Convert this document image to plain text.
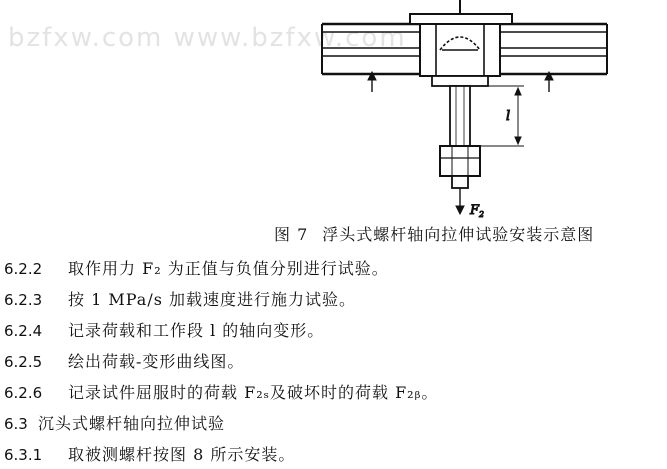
bzfxw.com www.bzfxw.com
l
$F_2$
图 7 浮头式螺杆轴向拉伸试验安装示意图
6.2.2 取作用力 F₂ 为正值与负值分别进行试验。
6.2.3 按 1 MPa/s 加载速度进行施力试验。
6.2.4 记录荷载和工作段 l 的轴向变形。
6.2.5 绘出荷载-变形曲线图。
6.2.6 记录试件屈服时的荷载 F₂ₛ及破坏时的荷载 F₂ᵦ。
6.3 沉头式螺杆轴向拉伸试验
6.3.1 取被测螺杆按图 8 所示安装。
